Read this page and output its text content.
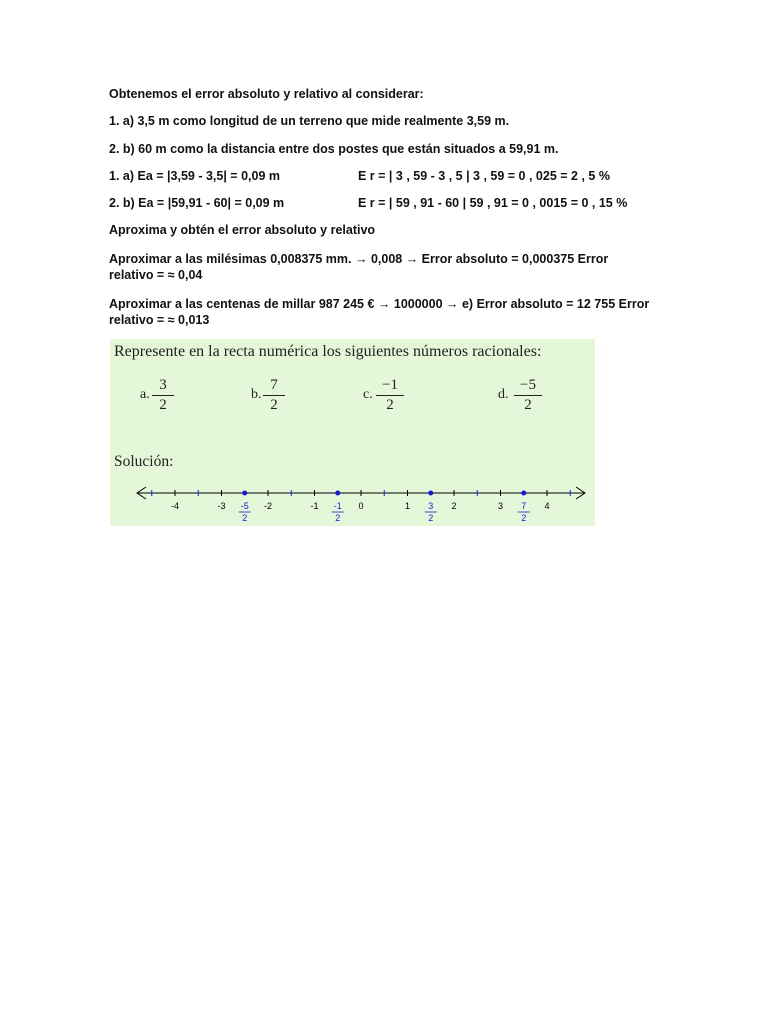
Obtenemos el error absoluto y relativo al considerar:
1. a) 3,5 m como longitud de un terreno que mide realmente 3,59 m.
2. b) 60 m como la distancia entre dos postes que están situados a 59,91 m.
1. a) Ea = |3,59 - 3,5| = 0,09 m	E r = | 3 , 59 - 3 , 5 | 3 , 59 = 0 , 025 = 2 , 5 %
2. b) Ea = |59,91 - 60| = 0,09 m	E r = | 59 , 91 - 60 | 59 , 91 = 0 , 0015 = 0 , 15 %
Aproxima y obtén el error absoluto y relativo
Aproximar a las milésimas 0,008375 mm. → 0,008 → Error absoluto = 0,000375 Error relativo = ≈ 0,04
Aproximar a las centenas de millar 987 245 € → 1000000 → e) Error absoluto = 12 755 Error relativo = ≈ 0,013
Represente en la recta numérica los siguientes números racionales:
a. $\frac{3}{2}$	b. $\frac{7}{2}$	c. $\frac{-1}{2}$	d. $\frac{-5}{2}$
Solución:
-4	-3	-2	-1	0	1	2	3	4
-5
2
-1
2
3
2
7
2
